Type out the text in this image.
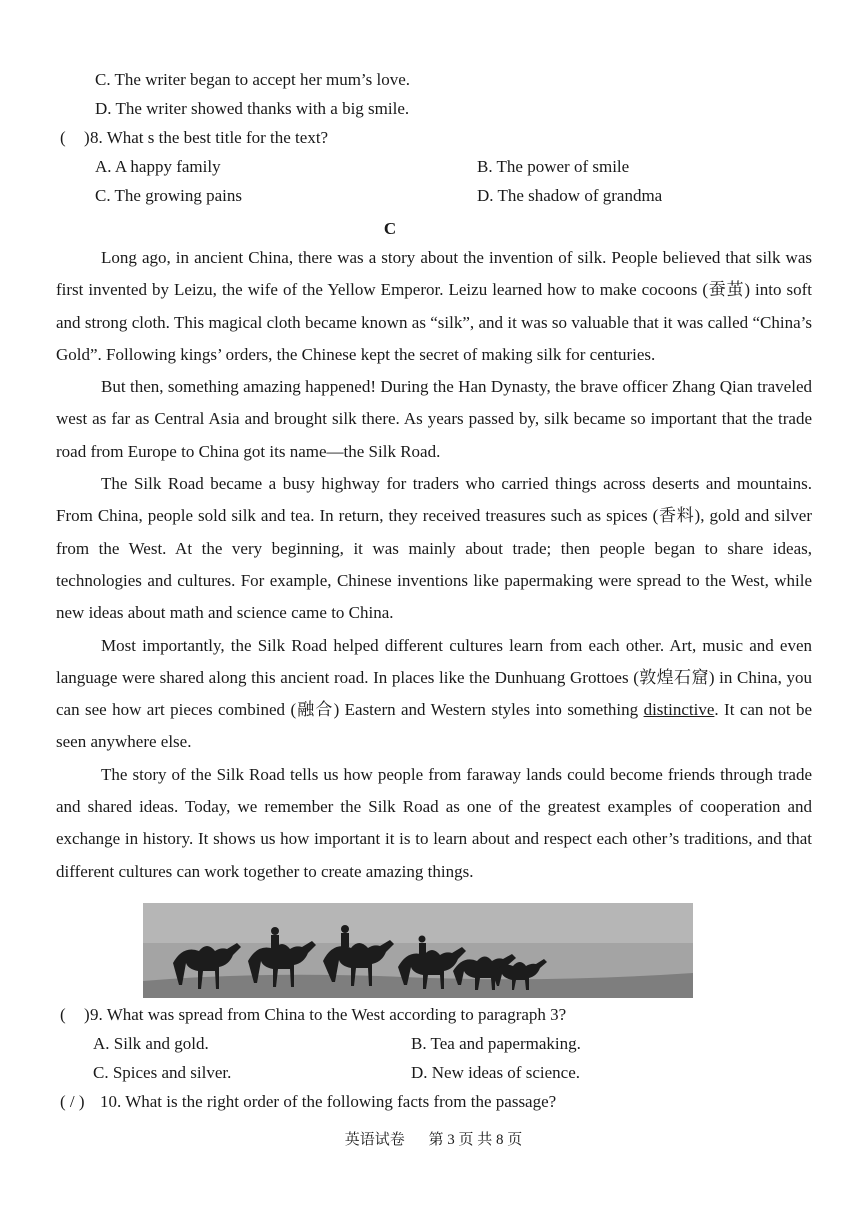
C. The writer began to accept her mum’s love.
D. The writer showed thanks with a big smile.
( ) 8. What s the best title for the text?
A. A happy family	B. The power of smile
C. The growing pains	D. The shadow of grandma
C

Long ago, in ancient China, there was a story about the invention of silk. People believed that silk was first invented by Leizu, the wife of the Yellow Emperor. Leizu learned how to make cocoons (蚕茧) into soft and strong cloth. This magical cloth became known as “silk”, and it was so valuable that it was called “China’s Gold”. Following kings’ orders, the Chinese kept the secret of making silk for centuries.

But then, something amazing happened! During the Han Dynasty, the brave officer Zhang Qian traveled west as far as Central Asia and brought silk there. As years passed by, silk became so important that the trade road from Europe to China got its name—the Silk Road.

The Silk Road became a busy highway for traders who carried things across deserts and mountains. From China, people sold silk and tea. In return, they received treasures such as spices (香料), gold and silver from the West. At the very beginning, it was mainly about trade; then people began to share ideas, technologies and cultures. For example, Chinese inventions like papermaking were spread to the West, while new ideas about math and science came to China.

Most importantly, the Silk Road helped different cultures learn from each other. Art, music and even language were shared along this ancient road. In places like the Dunhuang Grottoes (敦煌石窟) in China, you can see how art pieces combined (融合) Eastern and Western styles into something distinctive. It can not be seen anywhere else.

The story of the Silk Road tells us how people from faraway lands could become friends through trade and shared ideas. Today, we remember the Silk Road as one of the greatest examples of cooperation and exchange in history. It shows us how important it is to learn about and respect each other’s traditions, and that different cultures can work together to create amazing things.

( ) 9. What was spread from China to the West according to paragraph 3?
A. Silk and gold.	B. Tea and papermaking.
C. Spices and silver.	D. New ideas of science.
( / ) 10. What is the right order of the following facts from the passage?
英语试卷 第 3 页 共 8 页
